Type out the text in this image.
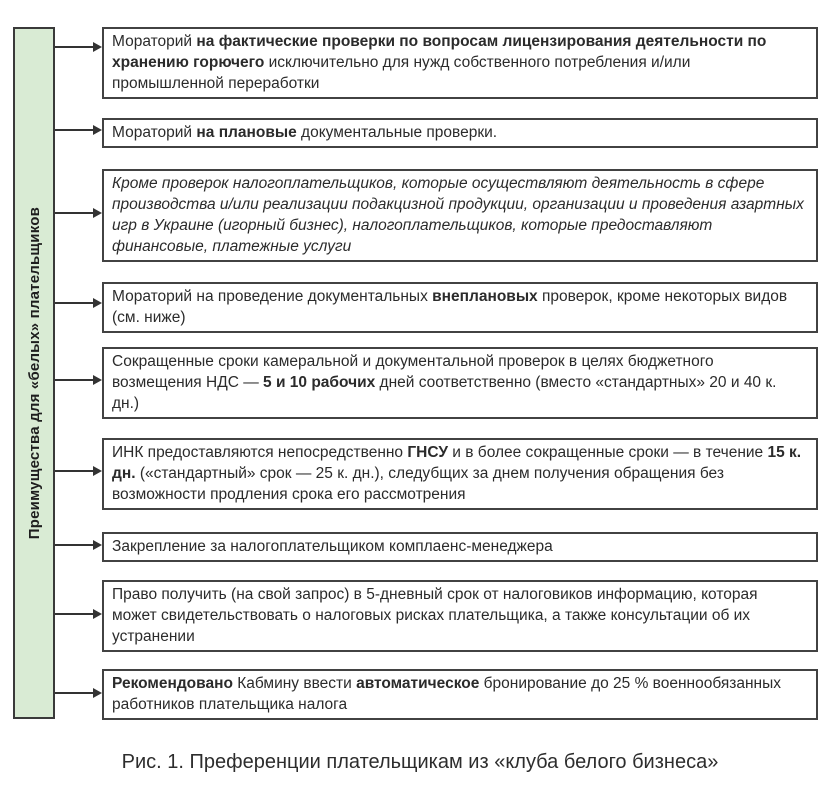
Преимущества для «белых» плательщиков
Мораторий на фактические проверки по вопросам лицензирования деятельности по хранению горючего исключительно для нужд собственного потребления и/или промышленной переработки
Мораторий на плановые документальные проверки.
Кроме проверок налогоплательщиков, которые осуществляют деятельность в сфере производства и/или реализации подакцизной продукции, организации и проведения азартных игр в Украине (игорный бизнес), налогоплательщиков, которые предоставляют финансовые, платежные услуги
Мораторий на проведение документальных внеплановых проверок, кроме некоторых видов (см. ниже)
Сокращенные сроки камеральной и документальной проверок в целях бюджетного возмещения НДС — 5 и 10 рабочих дней соответственно (вместо «стандартных» 20 и 40 к. дн.)
ИНК предоставляются непосредственно ГНСУ и в более сокращенные сроки — в течение 15 к. дн. («стандартный» срок — 25 к. дн.), следубщих за днем получения обращения без возможности продления срока его рассмотрения
Закрепление за налогоплательщиком комплаенс-менеджера
Право получить (на свой запрос) в 5-дневный срок от налоговиков информацию, которая может свидетельствовать о налоговых рисках плательщика, а также консультации об их устранении
Рекомендовано Кабмину ввести автоматическое бронирование до 25 % военнообязанных работников плательщика налога
Рис. 1. Преференции плательщикам из «клуба белого бизнеса»
